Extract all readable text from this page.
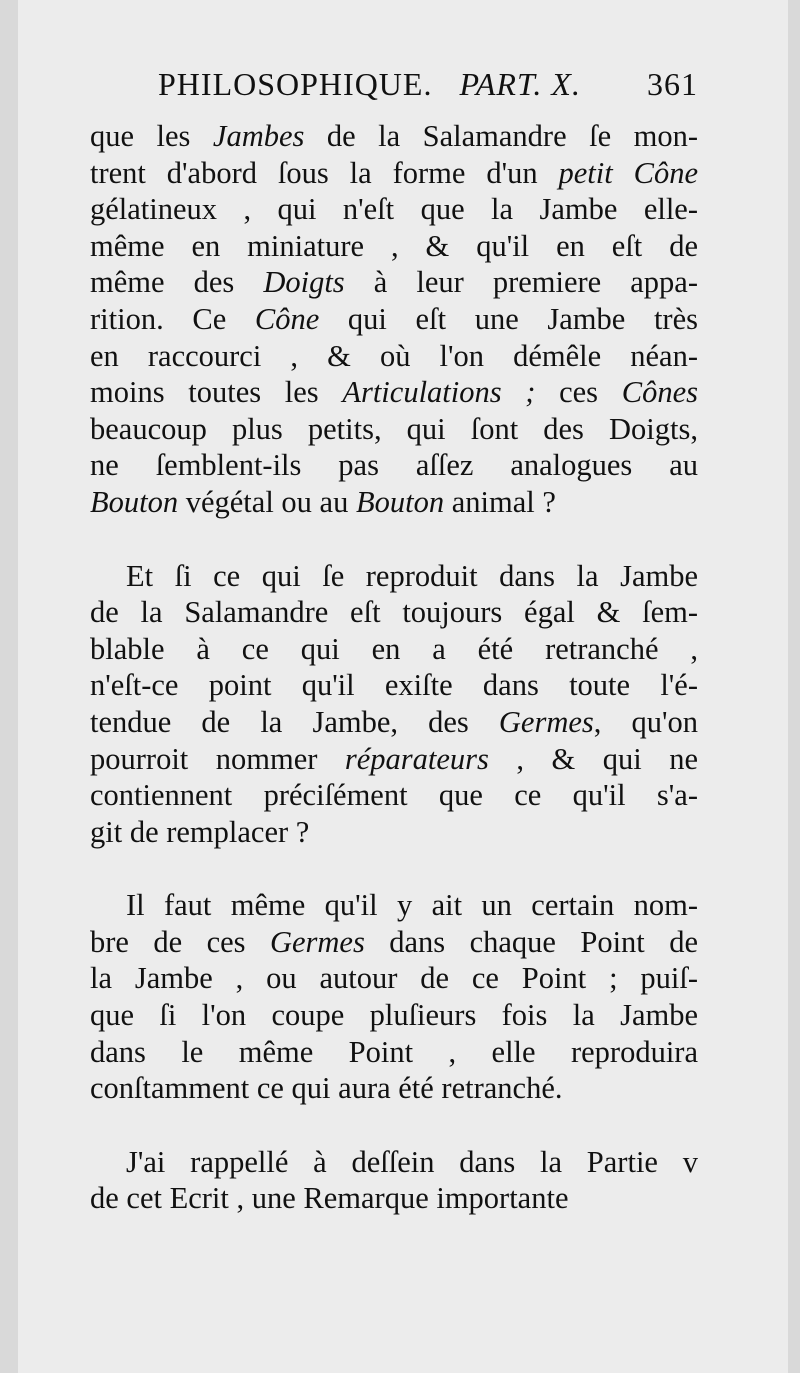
PHILOSOPHIQUE. PART. X. 361
que les Jambes de la Salamandre ſe mon-
trent d'abord ſous la forme d'un petit Cône
gélatineux , qui n'eſt que la Jambe elle-
même en miniature , & qu'il en eſt de
même des Doigts à leur premiere appa-
rition. Ce Cône qui eſt une Jambe très
en raccourci , & où l'on démêle néan-
moins toutes les Articulations ; ces Cônes
beaucoup plus petits, qui ſont des Doigts,
ne ſemblent-ils pas aſſez analogues au
Bouton végétal ou au Bouton animal ?
Et ſi ce qui ſe reproduit dans la Jambe
de la Salamandre eſt toujours égal & ſem-
blable à ce qui en a été retranché ,
n'eſt-ce point qu'il exiſte dans toute l'é-
tendue de la Jambe, des Germes, qu'on
pourroit nommer réparateurs , & qui ne
contiennent préciſément que ce qu'il s'a-
git de remplacer ?
Il faut même qu'il y ait un certain nom-
bre de ces Germes dans chaque Point de
la Jambe , ou autour de ce Point ; puiſ-
que ſi l'on coupe pluſieurs fois la Jambe
dans le même Point , elle reproduira
conſtamment ce qui aura été retranché.
J'ai rappellé à deſſein dans la Partie v
de cet Ecrit , une Remarque importante
